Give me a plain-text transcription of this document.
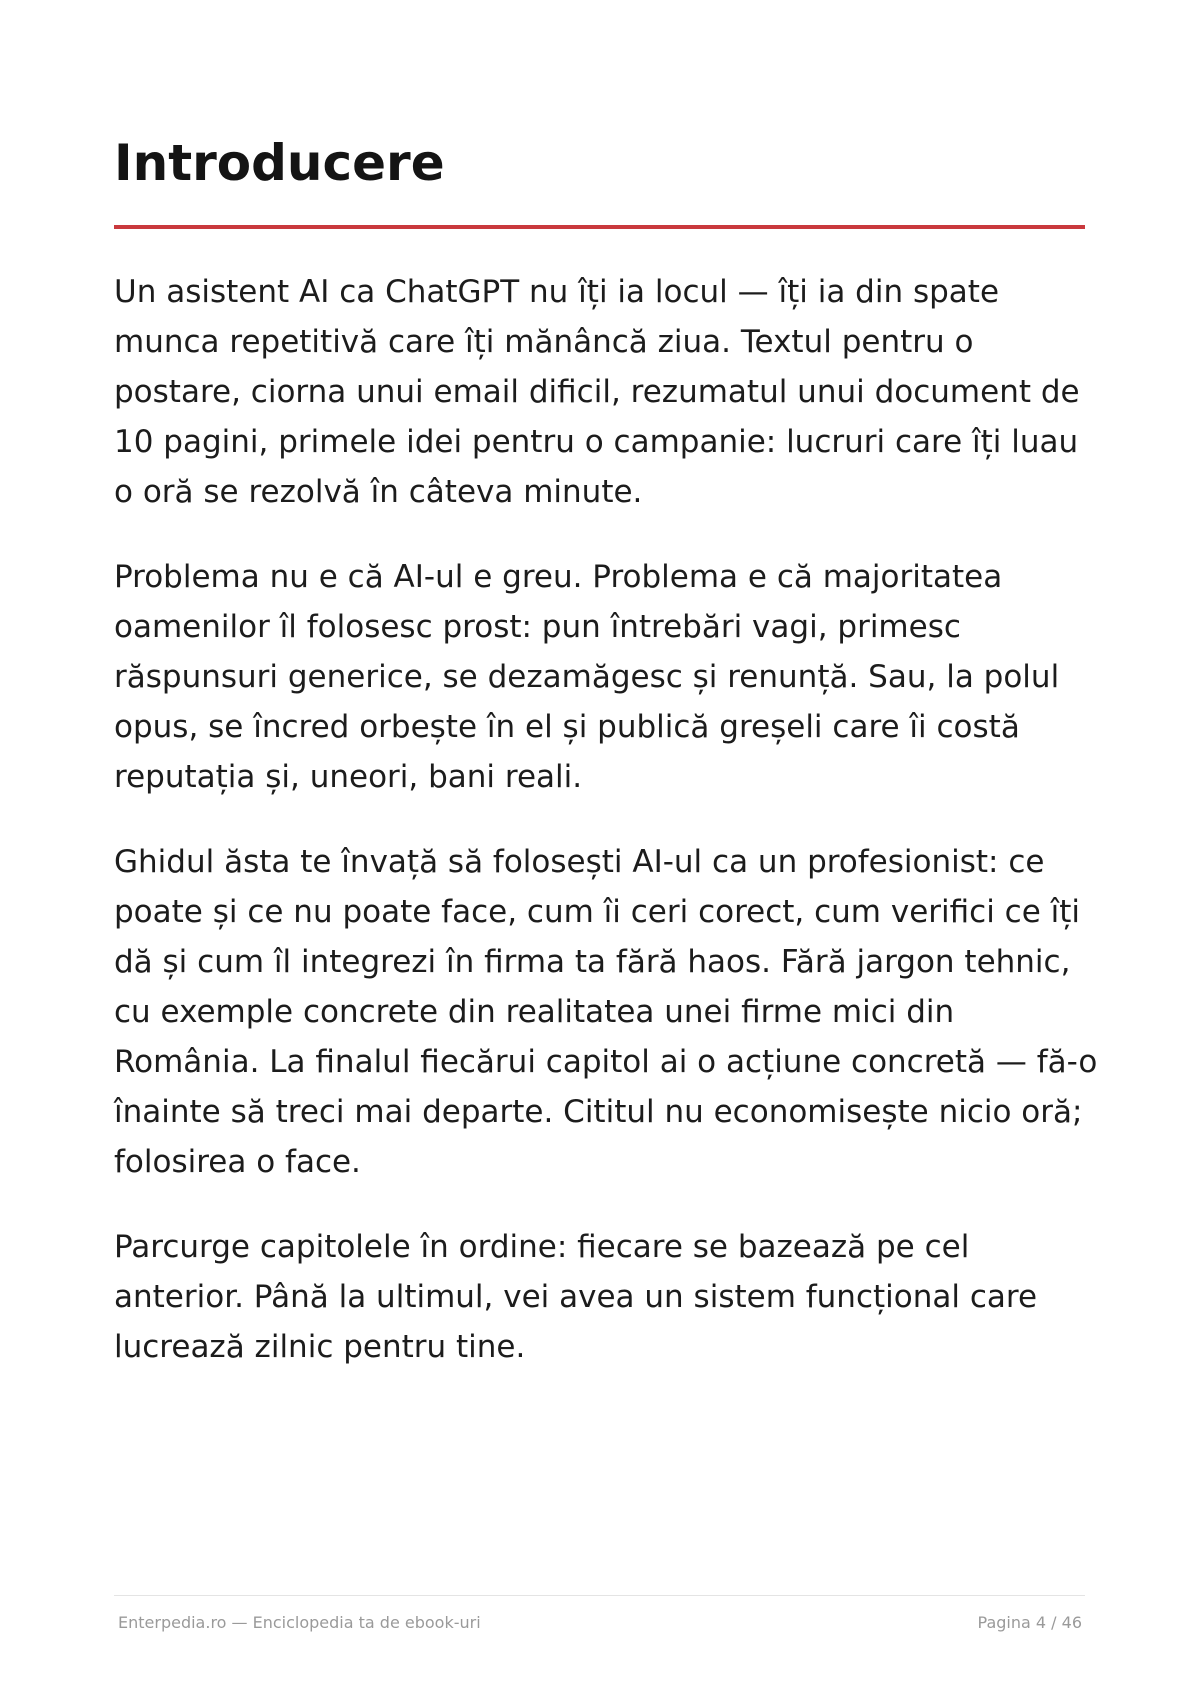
Introducere

Un asistent AI ca ChatGPT nu îți ia locul — îți ia din spate munca repetitivă care îți mănâncă ziua. Textul pentru o postare, ciorna unui email dificil, rezumatul unui document de 10 pagini, primele idei pentru o campanie: lucruri care îți luau o oră se rezolvă în câteva minute.

Problema nu e că AI-ul e greu. Problema e că majoritatea oamenilor îl folosesc prost: pun întrebări vagi, primesc răspunsuri generice, se dezamăgesc și renunță. Sau, la polul opus, se încred orbește în el și publică greșeli care îi costă reputația și, uneori, bani reali.

Ghidul ăsta te învață să folosești AI-ul ca un profesionist: ce poate și ce nu poate face, cum îi ceri corect, cum verifici ce îți dă și cum îl integrezi în firma ta fără haos. Fără jargon tehnic, cu exemple concrete din realitatea unei firme mici din România. La finalul fiecărui capitol ai o acțiune concretă — fă-o înainte să treci mai departe. Cititul nu economisește nicio oră; folosirea o face.

Parcurge capitolele în ordine: fiecare se bazează pe cel anterior. Până la ultimul, vei avea un sistem funcțional care lucrează zilnic pentru tine.

Enterpedia.ro — Enciclopedia ta de ebook-uri	Pagina 4 / 46
